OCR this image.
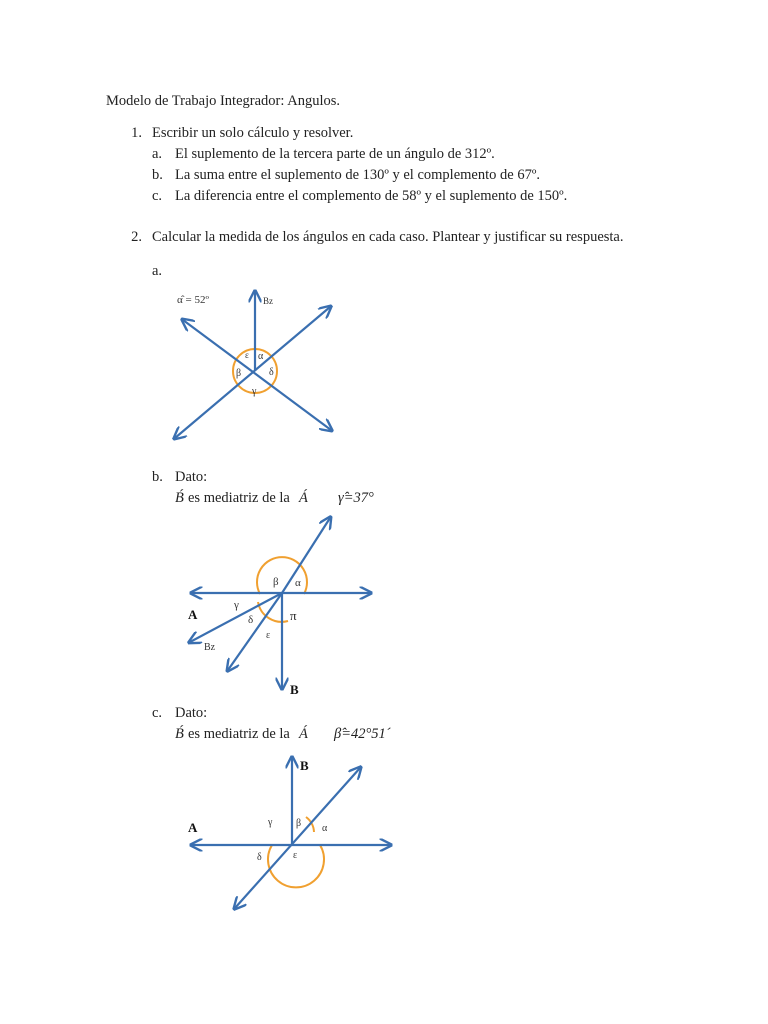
Modelo de Trabajo Integrador: Angulos.
1. Escribir un solo cálculo y resolver.
a. El suplemento de la tercera parte de un ángulo de 312º.
b. La suma entre el suplemento de 130º y el complemento de 67º.
c. La diferencia entre el complemento de 58º y el suplemento de 150º.
2. Calcular la medida de los ángulos en cada caso. Plantear y justificar su respuesta.
a.
α̂ = 52º	Bz
ε α
β	δ
γ
b. Dato:
B́ es mediatriz de la Á γ̂=37°
A
B
β α
γ
δ
ε
Bz
π
c. Dato:
B́ es mediatriz de la Á β̂=42°51´
A
B
γ β α
δ	ε
